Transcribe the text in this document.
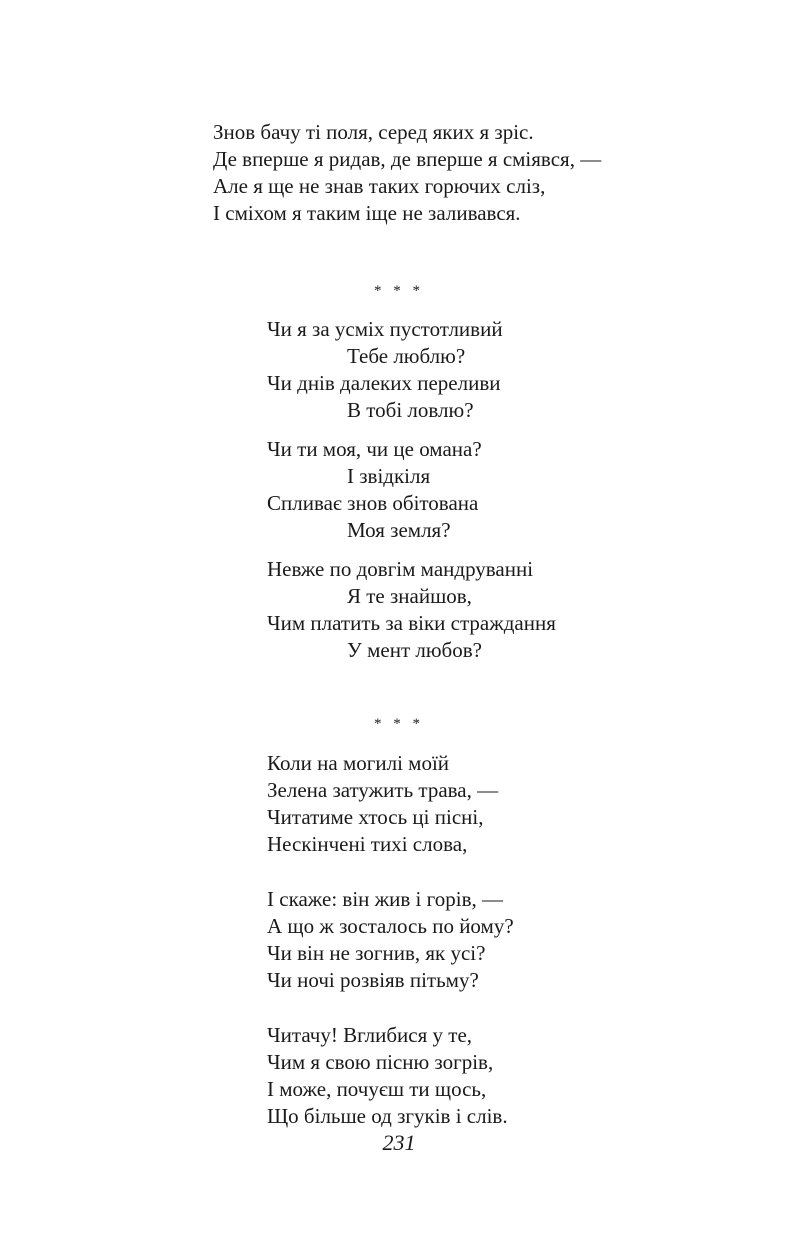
Знов бачу ті поля, серед яких я зріс.
Де вперше я ридав, де вперше я сміявся, —
Але я ще не знав таких горючих сліз,
І сміхом я таким іще не заливався.
* * *
Чи я за усміх пустотливий
Тебе люблю?
Чи днів далеких переливи
В тобі ловлю?
Чи ти моя, чи це омана?
І звідкіля
Спливає знов обітована
Моя земля?
Невже по довгім мандруванні
Я те знайшов,
Чим платить за віки страждання
У мент любов?
* * *
Коли на могилі моїй
Зелена затужить трава, —
Читатиме хтось ці пісні,
Нескінчені тихі слова,
І скаже: він жив і горів, —
А що ж зосталось по йому?
Чи він не зогнив, як усі?
Чи ночі розвіяв пітьму?
Читачу! Вглибися у те,
Чим я свою пісню зогрів,
І може, почуєш ти щось,
Що більше од згуків і слів.
231
